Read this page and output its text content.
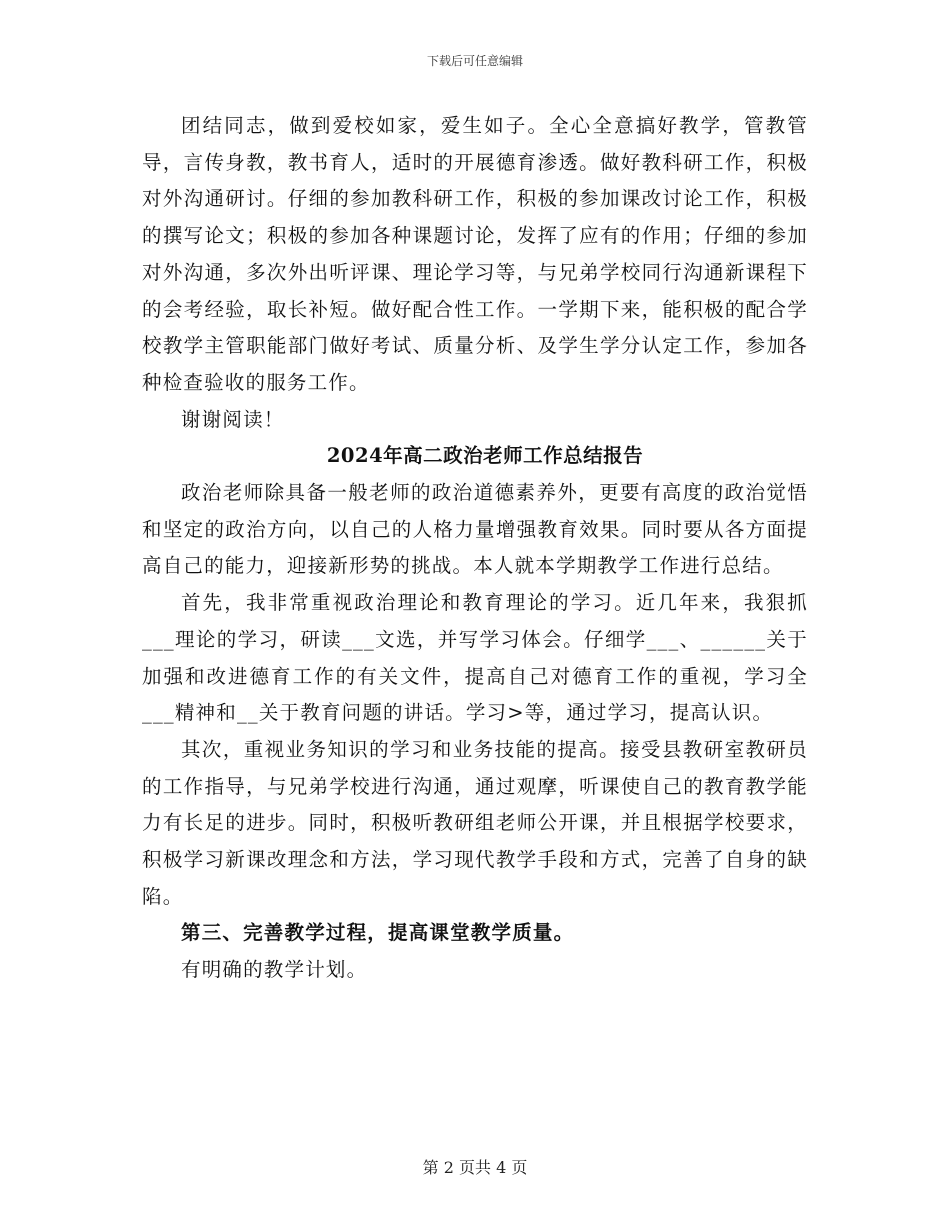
下载后可任意编辑

团结同志，做到爱校如家，爱生如子。全心全意搞好教学，管教管导，言传身教，教书育人，适时的开展德育渗透。做好教科研工作，积极对外沟通研讨。仔细的参加教科研工作，积极的参加课改讨论工作，积极的撰写论文；积极的参加各种课题讨论，发挥了应有的作用；仔细的参加对外沟通，多次外出听评课、理论学习等，与兄弟学校同行沟通新课程下的会考经验，取长补短。做好配合性工作。一学期下来，能积极的配合学校教学主管职能部门做好考试、质量分析、及学生学分认定工作，参加各种检查验收的服务工作。

谢谢阅读！

2024年高二政治老师工作总结报告

政治老师除具备一般老师的政治道德素养外，更要有高度的政治觉悟和坚定的政治方向，以自己的人格力量增强教育效果。同时要从各方面提高自己的能力，迎接新形势的挑战。本人就本学期教学工作进行总结。

首先，我非常重视政治理论和教育理论的学习。近几年来，我狠抓___理论的学习，研读___文选，并写学习体会。仔细学___、______关于加强和改进德育工作的有关文件，提高自己对德育工作的重视，学习全___精神和__关于教育问题的讲话。学习>等，通过学习，提高认识。

其次，重视业务知识的学习和业务技能的提高。接受县教研室教研员的工作指导，与兄弟学校进行沟通，通过观摩，听课使自己的教育教学能力有长足的进步。同时，积极听教研组老师公开课，并且根据学校要求，积极学习新课改理念和方法，学习现代教学手段和方式，完善了自身的缺陷。

第三、完善教学过程，提高课堂教学质量。

有明确的教学计划。

第 2 页共 4 页
